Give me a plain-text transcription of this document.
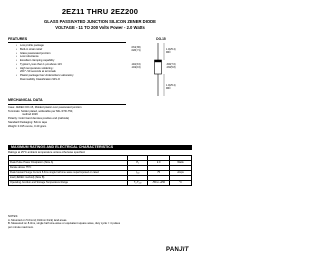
2EZ11 THRU 2EZ200
GLASS PASSIVATED JUNCTION SILICON ZENER DIODE
VOLTAGE - 11 TO 200 Volts Power - 2.0 Watts
FEATURES
•	Low profile package
•	Built-in strain relief
•	Glass passivated junction
•	Low inductance
•	Excellent clamping capability
•	Typical I₂ less than 1 µA above 11V
•	High temperature soldering :
260 ° /10 seconds at terminals
•	Plastic package has Underwriters Laboratory
Flammability Classification 94V-O
DO-15
1.0(25.4)
MIN
.300(7.6)
.230(5.8)
.140(3.6)
.104(2.6)
.034(.86)
.028(.71)
1.0(25.4)
MIN
MECHANICAL DATA
Case: JEDEC DO-15, Molded plastic over passivated junction
Terminals: Solder plated, solderable per MIL-STD-750,
method 2026
Polarity: Color band denotes positive end (cathode)
Standard Packaging: 52mm tape
Weight: 0.015 ounce, 0.40 gram
MAXIMUM RATINGS AND ELECTRICAL CHARACTERISTICS
Ratings at 25°C ambient temperature unless otherwise specified.

Peak Pulse Power Dissipation (Note A)	P₂	2.0	Watts
Derate above 75°C			
Peak forward Surge Current 8.3ms single half sine-wave superimposed on rated	I₂₂₂	75	Amps
load (JEDEC method) (Note B)			
Operating Junction and Storage Temperature Range	T₂,T₂₂₂	-55 to +150	°C
NOTES:
A. Mounted on 5.0mm²(.013mm thick) land areas.
B. Measured on 8.3ms, single half sine-wave or equivalent square wave, duty cycle = 4 pulses
per minute maximum.
PANJIT
